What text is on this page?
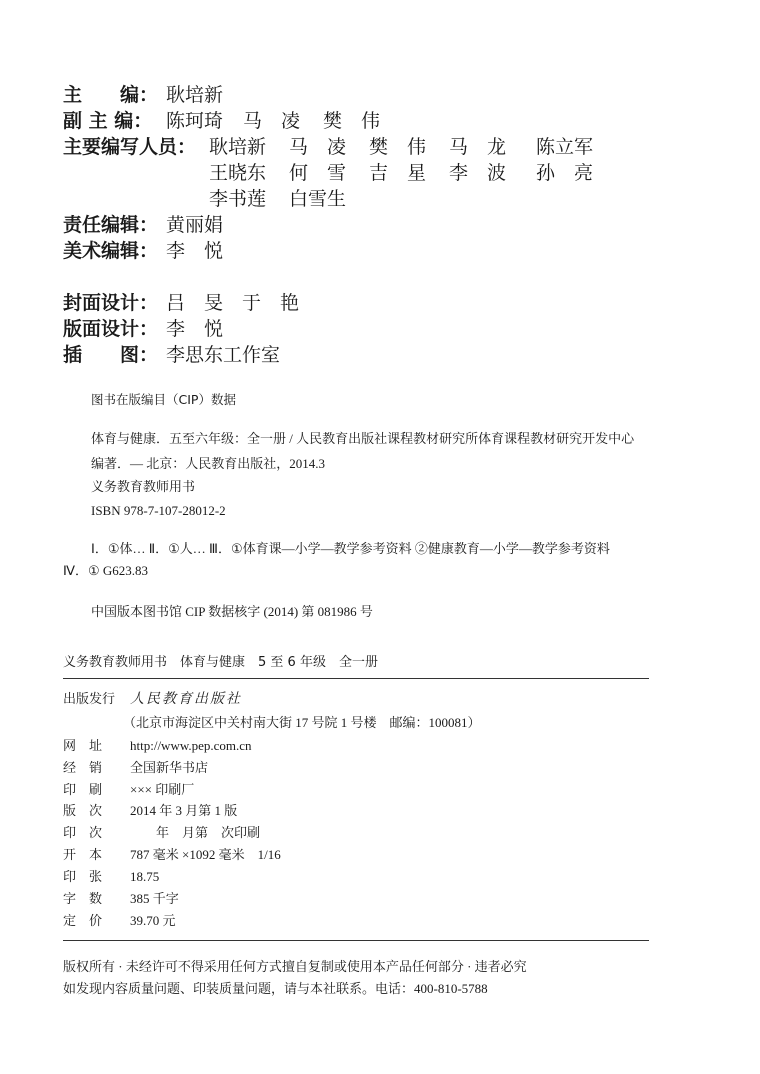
主　　编： 耿培新
副 主 编： 陈珂琦 马　凌 樊　伟
主要编写人员： 耿培新 马　凌 樊　伟 马　龙 陈立军
王晓东 何　雪 吉　星 李　波 孙　亮
李书莲 白雪生
责任编辑： 黄丽娟
美术编辑： 李　悦
封面设计： 吕　旻　于　艳
版面设计： 李　悦
插　　图： 李思东工作室
图书在版编目（CIP）数据
体育与健康．五至六年级：全一册 / 人民教育出版社课程教材研究所体育课程教材研究开发中心
编著．— 北京：人民教育出版社，2014.3
义务教育教师用书
ISBN 978-7-107-28012-2
Ⅰ．①体… Ⅱ．①人… Ⅲ．①体育课—小学—教学参考资料 ②健康教育—小学—教学参考资料
Ⅳ．① G623.83
中国版本图书馆 CIP 数据核字 (2014) 第 081986 号
义务教育教师用书　体育与健康　5 至 6 年级　全一册
出版发行 人民教育出版社
（北京市海淀区中关村南大街 17 号院 1 号楼　邮编：100081）
网　址 http://www.pep.com.cn
经　销 全国新华书店
印　刷 ××× 印刷厂
版　次 2014 年 3 月第 1 版
印　次　　年　月第　次印刷
开　本 787 毫米 ×1092 毫米　1/16
印　张 18.75
字　数 385 千字
定　价 39.70 元
版权所有 · 未经许可不得采用任何方式擅自复制或使用本产品任何部分 · 违者必究
如发现内容质量问题、印装质量问题，请与本社联系。电话：400-810-5788
